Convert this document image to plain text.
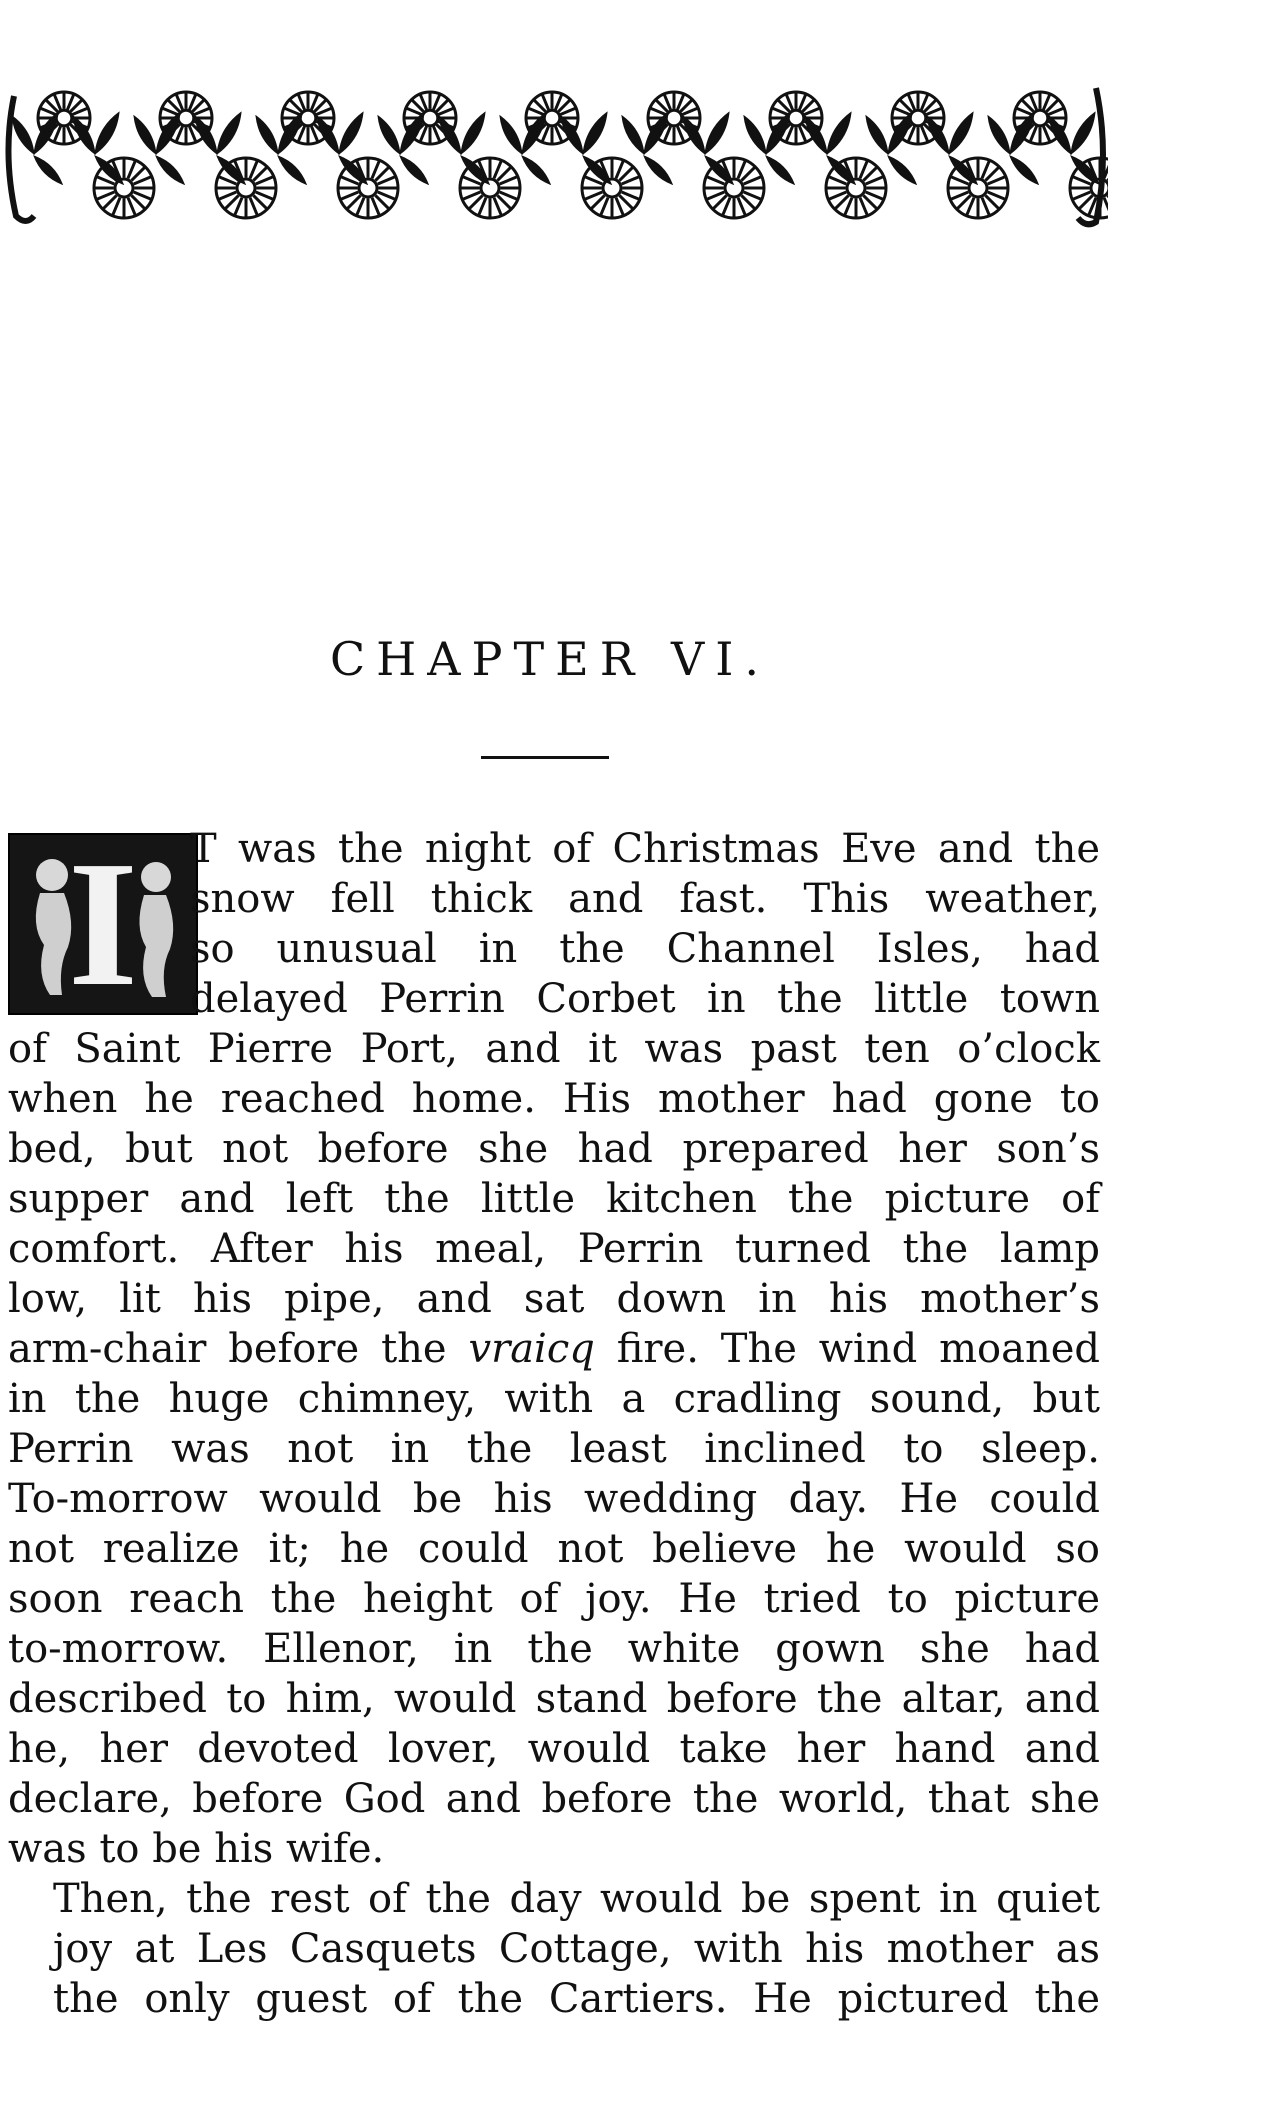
CHAPTER VI.
I	T was the night of Christmas Eve and the
snow fell thick and fast. This weather,
so unusual in the Channel Isles, had
delayed Perrin Corbet in the little town
of Saint Pierre Port, and it was past ten o’clock
when he reached home. His mother had gone to
bed, but not before she had prepared her son’s
supper and left the little kitchen the picture of
comfort. After his meal, Perrin turned the lamp
low, lit his pipe, and sat down in his mother’s
arm-chair before the vraicq fire. The wind moaned
in the huge chimney, with a cradling sound, but
Perrin was not in the least inclined to sleep.
To-morrow would be his wedding day. He could
not realize it; he could not believe he would so
soon reach the height of joy. He tried to picture
to-morrow. Ellenor, in the white gown she had
described to him, would stand before the altar, and
he, her devoted lover, would take her hand and
declare, before God and before the world, that she
was to be his wife.
Then, the rest of the day would be spent in quiet
joy at Les Casquets Cottage, with his mother as
the only guest of the Cartiers. He pictured the
